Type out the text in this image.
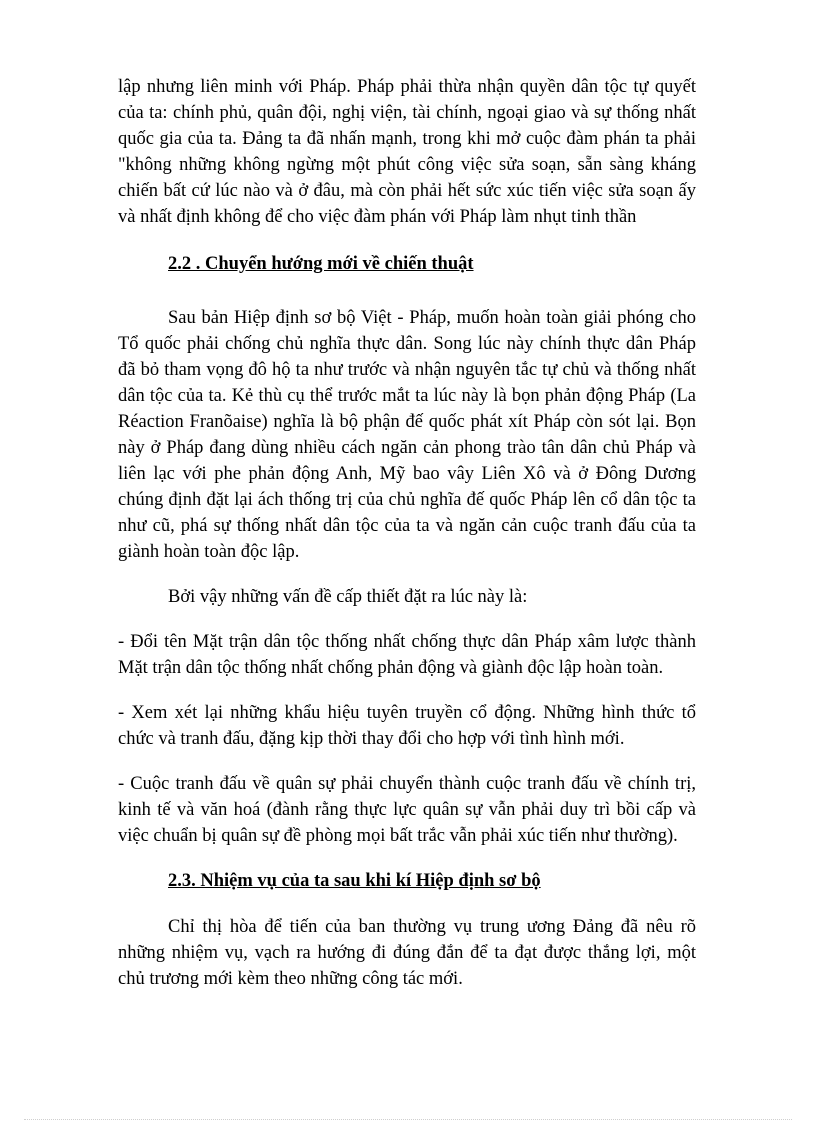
lập nhưng liên minh với Pháp. Pháp phải thừa nhận quyền dân tộc tự quyết
của ta: chính phủ, quân đội, nghị viện, tài chính, ngoại giao và sự thống nhất
quốc gia của ta. Đảng ta đã nhấn mạnh, trong khi mở cuộc đàm phán ta phải
"không những không ngừng một phút công việc sửa soạn, sẵn sàng kháng
chiến bất cứ lúc nào và ở đâu, mà còn phải hết sức xúc tiến việc sửa soạn ấy
và nhất định không để cho việc đàm phán với Pháp làm nhụt tinh thần
2.2 . Chuyển hướng mới về chiến thuật
Sau bản Hiệp định sơ bộ Việt - Pháp, muốn hoàn toàn giải phóng cho
Tổ quốc phải chống chủ nghĩa thực dân. Song lúc này chính thực dân Pháp
đã bỏ tham vọng đô hộ ta như trước và nhận nguyên tắc tự chủ và thống nhất
dân tộc của ta. Kẻ thù cụ thể trước mắt ta lúc này là bọn phản động Pháp (La
Réaction Franõaise) nghĩa là bộ phận đế quốc phát xít Pháp còn sót lại. Bọn
này ở Pháp đang dùng nhiều cách ngăn cản phong trào tân dân chủ Pháp và
liên lạc với phe phản động Anh, Mỹ bao vây Liên Xô và ở Đông Dương
chúng định đặt lại ách thống trị của chủ nghĩa đế quốc Pháp lên cổ dân tộc ta
như cũ, phá sự thống nhất dân tộc của ta và ngăn cản cuộc tranh đấu của ta
giành hoàn toàn độc lập.
Bởi vậy những vấn đề cấp thiết đặt ra lúc này là:
- Đổi tên Mặt trận dân tộc thống nhất chống thực dân Pháp xâm lược thành
Mặt trận dân tộc thống nhất chống phản động và giành độc lập hoàn toàn.
- Xem xét lại những khẩu hiệu tuyên truyền cổ động. Những hình thức tổ
chức và tranh đấu, đặng kịp thời thay đổi cho hợp với tình hình mới.
- Cuộc tranh đấu về quân sự phải chuyển thành cuộc tranh đấu về chính trị,
kinh tế và văn hoá (đành rằng thực lực quân sự vẫn phải duy trì bồi cấp và
việc chuẩn bị quân sự đề phòng mọi bất trắc vẫn phải xúc tiến như thường).
2.3. Nhiệm vụ của ta sau khi kí Hiệp định sơ bộ
Chỉ thị hòa để tiến của ban thường vụ trung ương Đảng đã nêu rõ
những nhiệm vụ, vạch ra hướng đi đúng đắn để ta đạt được thắng lợi, một
chủ trương mới kèm theo những công tác mới.
